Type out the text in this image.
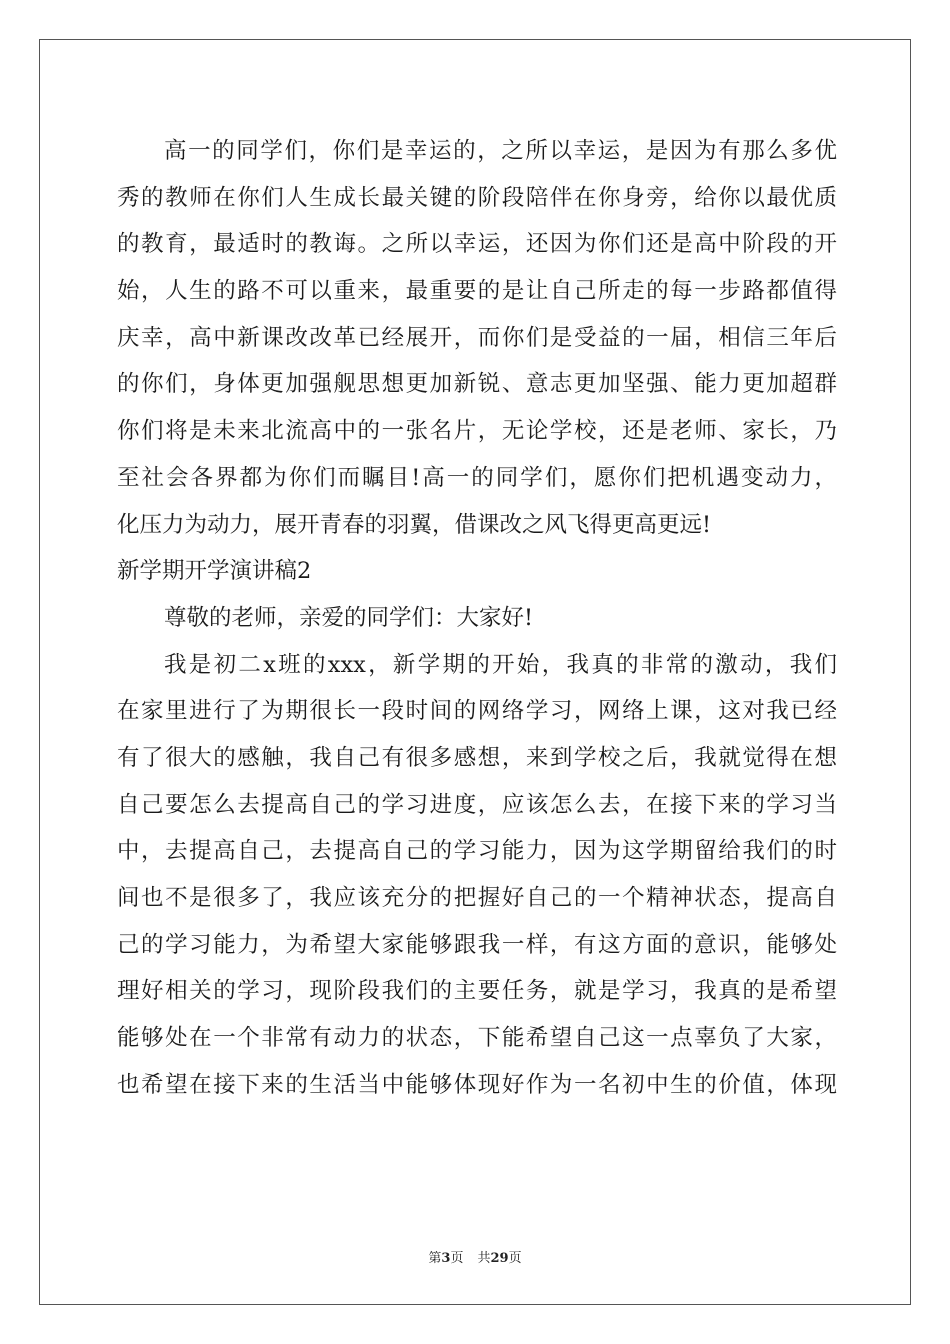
高一的同学们，你们是幸运的，之所以幸运，是因为有那么多优
秀的教师在你们人生成长最关键的阶段陪伴在你身旁，给你以最优质
的教育，最适时的教诲。之所以幸运，还因为你们还是高中阶段的开
始，人生的路不可以重来，最重要的是让自己所走的每一步路都值得
庆幸，高中新课改改革已经展开，而你们是受益的一届，相信三年后
的你们，身体更加强舰思想更加新锐、意志更加坚强、能力更加超群
你们将是未来北流高中的一张名片，无论学校，还是老师、家长，乃
至社会各界都为你们而瞩目!高一的同学们，愿你们把机遇变动力，
化压力为动力，展开青春的羽翼，借课改之风飞得更高更远!
新学期开学演讲稿2
尊敬的老师，亲爱的同学们：大家好!
我是初二x班的xxx，新学期的开始，我真的非常的激动，我们
在家里进行了为期很长一段时间的网络学习，网络上课，这对我已经
有了很大的感触，我自己有很多感想，来到学校之后，我就觉得在想
自己要怎么去提高自己的学习进度，应该怎么去，在接下来的学习当
中，去提高自己，去提高自己的学习能力，因为这学期留给我们的时
间也不是很多了，我应该充分的把握好自己的一个精神状态，提高自
己的学习能力，为希望大家能够跟我一样，有这方面的意识，能够处
理好相关的学习，现阶段我们的主要任务，就是学习，我真的是希望
能够处在一个非常有动力的状态，下能希望自己这一点辜负了大家，
也希望在接下来的生活当中能够体现好作为一名初中生的价值，体现
第3页 共29页
